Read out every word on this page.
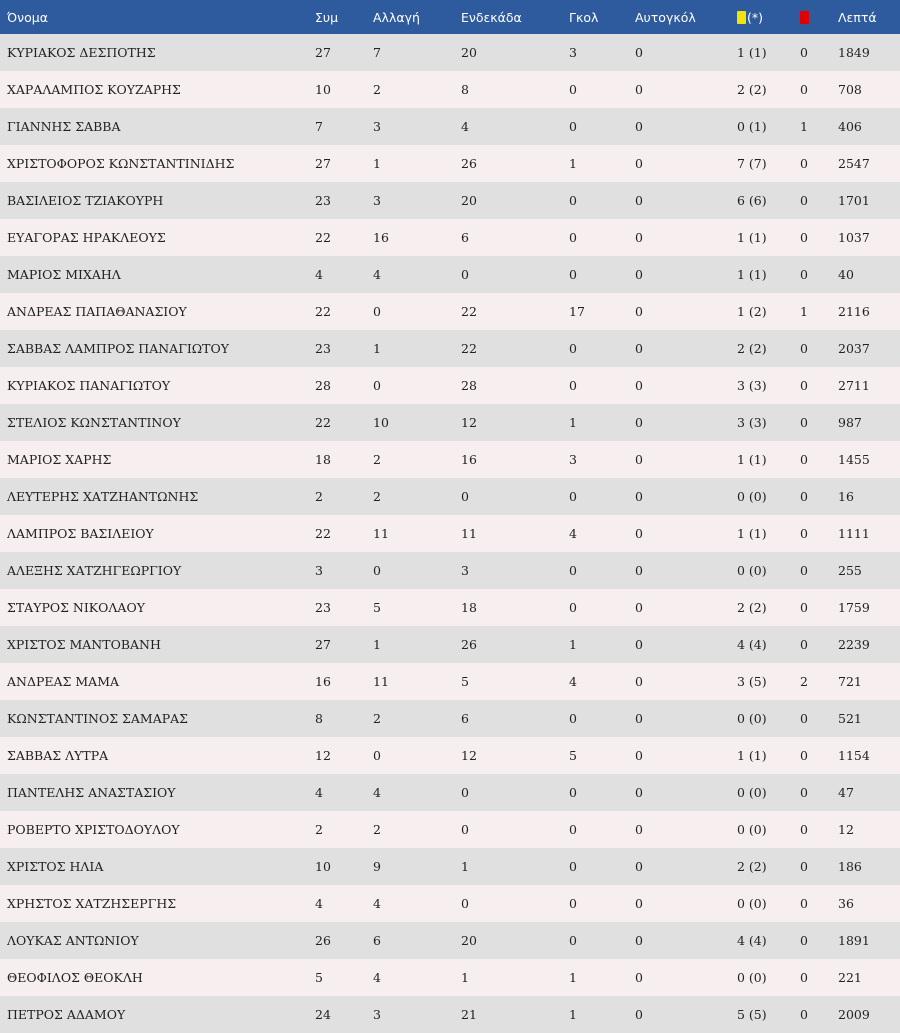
Όνομα	Συμ	Αλλαγή	Ενδεκάδα	Γκολ	Αυτογκόλ	(*)		Λεπτά
ΚΥΡΙΑΚΟΣ ΔΕΣΠΟΤΗΣ	27	7	20	3	0	1 (1)	0	1849
ΧΑΡΑΛΑΜΠΟΣ ΚΟΥΖΑΡΗΣ	10	2	8	0	0	2 (2)	0	708
ΓΙΑΝΝΗΣ ΣΑΒΒΑ	7	3	4	0	0	0 (1)	1	406
ΧΡΙΣΤΟΦΟΡΟΣ ΚΩΝΣΤΑΝΤΙΝΙΔΗΣ	27	1	26	1	0	7 (7)	0	2547
ΒΑΣΙΛΕΙΟΣ ΤΖΙΑΚΟΥΡΗ	23	3	20	0	0	6 (6)	0	1701
ΕΥΑΓΟΡΑΣ ΗΡΑΚΛΕΟΥΣ	22	16	6	0	0	1 (1)	0	1037
ΜΑΡΙΟΣ ΜΙΧΑΗΛ	4	4	0	0	0	1 (1)	0	40
ΑΝΔΡΕΑΣ ΠΑΠΑΘΑΝΑΣΙΟΥ	22	0	22	17	0	1 (2)	1	2116
ΣΑΒΒΑΣ ΛΑΜΠΡΟΣ ΠΑΝΑΓΙΩΤΟΥ	23	1	22	0	0	2 (2)	0	2037
ΚΥΡΙΑΚΟΣ ΠΑΝΑΓΙΩΤΟΥ	28	0	28	0	0	3 (3)	0	2711
ΣΤΕΛΙΟΣ ΚΩΝΣΤΑΝΤΙΝΟΥ	22	10	12	1	0	3 (3)	0	987
ΜΑΡΙΟΣ ΧΑΡΗΣ	18	2	16	3	0	1 (1)	0	1455
ΛΕΥΤΕΡΗΣ ΧΑΤΖΗΑΝΤΩΝΗΣ	2	2	0	0	0	0 (0)	0	16
ΛΑΜΠΡΟΣ ΒΑΣΙΛΕΙΟΥ	22	11	11	4	0	1 (1)	0	1111
ΑΛΕΞΗΣ ΧΑΤΖΗΓΕΩΡΓΙΟΥ	3	0	3	0	0	0 (0)	0	255
ΣΤΑΥΡΟΣ ΝΙΚΟΛΑΟΥ	23	5	18	0	0	2 (2)	0	1759
ΧΡΙΣΤΟΣ ΜΑΝΤΟΒΑΝΗ	27	1	26	1	0	4 (4)	0	2239
ΑΝΔΡΕΑΣ ΜΑΜΑ	16	11	5	4	0	3 (5)	2	721
ΚΩΝΣΤΑΝΤΙΝΟΣ ΣΑΜΑΡΑΣ	8	2	6	0	0	0 (0)	0	521
ΣΑΒΒΑΣ ΛΥΤΡΑ	12	0	12	5	0	1 (1)	0	1154
ΠΑΝΤΕΛΗΣ ΑΝΑΣΤΑΣΙΟΥ	4	4	0	0	0	0 (0)	0	47
ΡΟΒΕΡΤΟ ΧΡΙΣΤΟΔΟΥΛΟΥ	2	2	0	0	0	0 (0)	0	12
ΧΡΙΣΤΟΣ ΗΛΙΑ	10	9	1	0	0	2 (2)	0	186
ΧΡΗΣΤΟΣ ΧΑΤΖΗΣΕΡΓΗΣ	4	4	0	0	0	0 (0)	0	36
ΛΟΥΚΑΣ ΑΝΤΩΝΙΟΥ	26	6	20	0	0	4 (4)	0	1891
ΘΕΟΦΙΛΟΣ ΘΕΟΚΛΗ	5	4	1	1	0	0 (0)	0	221
ΠΕΤΡΟΣ ΑΔΑΜΟΥ	24	3	21	1	0	5 (5)	0	2009
